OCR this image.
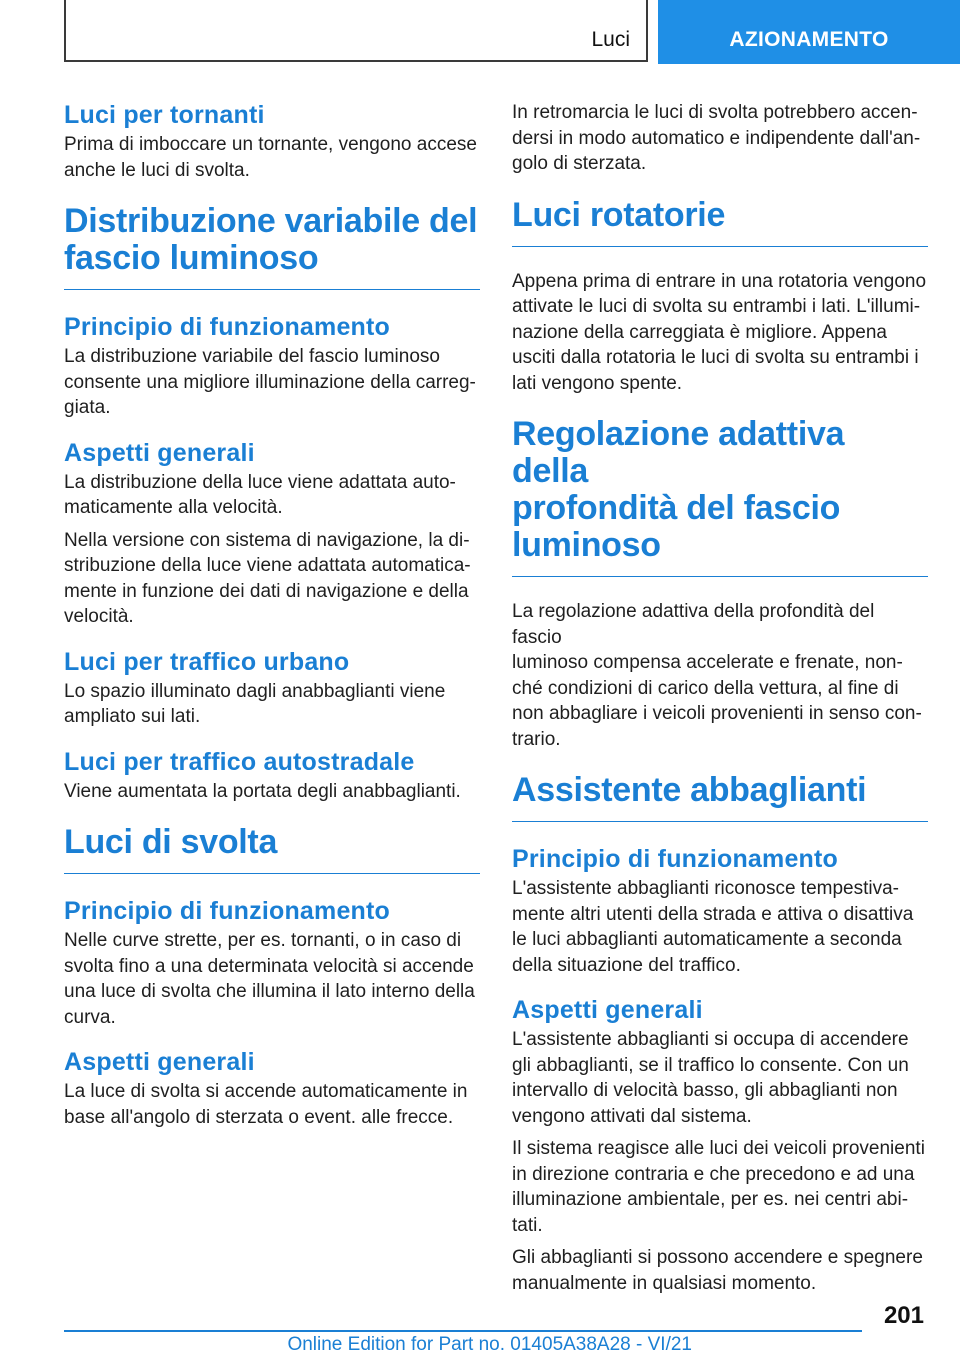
Luci	AZIONAMENTO
Luci per tornanti
Prima di imboccare un tornante, vengono accese
anche le luci di svolta.
Distribuzione variabile del
fascio luminoso
Principio di funzionamento
La distribuzione variabile del fascio luminoso
consente una migliore illuminazione della carreg-
giata.
Aspetti generali
La distribuzione della luce viene adattata auto-
maticamente alla velocità.
Nella versione con sistema di navigazione, la di-
stribuzione della luce viene adattata automatica-
mente in funzione dei dati di navigazione e della
velocità.
Luci per traffico urbano
Lo spazio illuminato dagli anabbaglianti viene
ampliato sui lati.
Luci per traffico autostradale
Viene aumentata la portata degli anabbaglianti.
Luci di svolta
Principio di funzionamento
Nelle curve strette, per es. tornanti, o in caso di
svolta fino a una determinata velocità si accende
una luce di svolta che illumina il lato interno della
curva.
Aspetti generali
La luce di svolta si accende automaticamente in
base all'angolo di sterzata o event. alle frecce.
In retromarcia le luci di svolta potrebbero accen-
dersi in modo automatico e indipendente dall'an-
golo di sterzata.
Luci rotatorie
Appena prima di entrare in una rotatoria vengono
attivate le luci di svolta su entrambi i lati. L'illumi-
nazione della carreggiata è migliore. Appena
usciti dalla rotatoria le luci di svolta su entrambi i
lati vengono spente.
Regolazione adattiva della
profondità del fascio
luminoso
La regolazione adattiva della profondità del fascio
luminoso compensa accelerate e frenate, non-
ché condizioni di carico della vettura, al fine di
non abbagliare i veicoli provenienti in senso con-
trario.
Assistente abbaglianti
Principio di funzionamento
L'assistente abbaglianti riconosce tempestiva-
mente altri utenti della strada e attiva o disattiva
le luci abbaglianti automaticamente a seconda
della situazione del traffico.
Aspetti generali
L'assistente abbaglianti si occupa di accendere
gli abbaglianti, se il traffico lo consente. Con un
intervallo di velocità basso, gli abbaglianti non
vengono attivati dal sistema.
Il sistema reagisce alle luci dei veicoli provenienti
in direzione contraria e che precedono e ad una
illuminazione ambientale, per es. nei centri abi-
tati.
Gli abbaglianti si possono accendere e spegnere
manualmente in qualsiasi momento.
201
Online Edition for Part no. 01405A38A28 - VI/21
